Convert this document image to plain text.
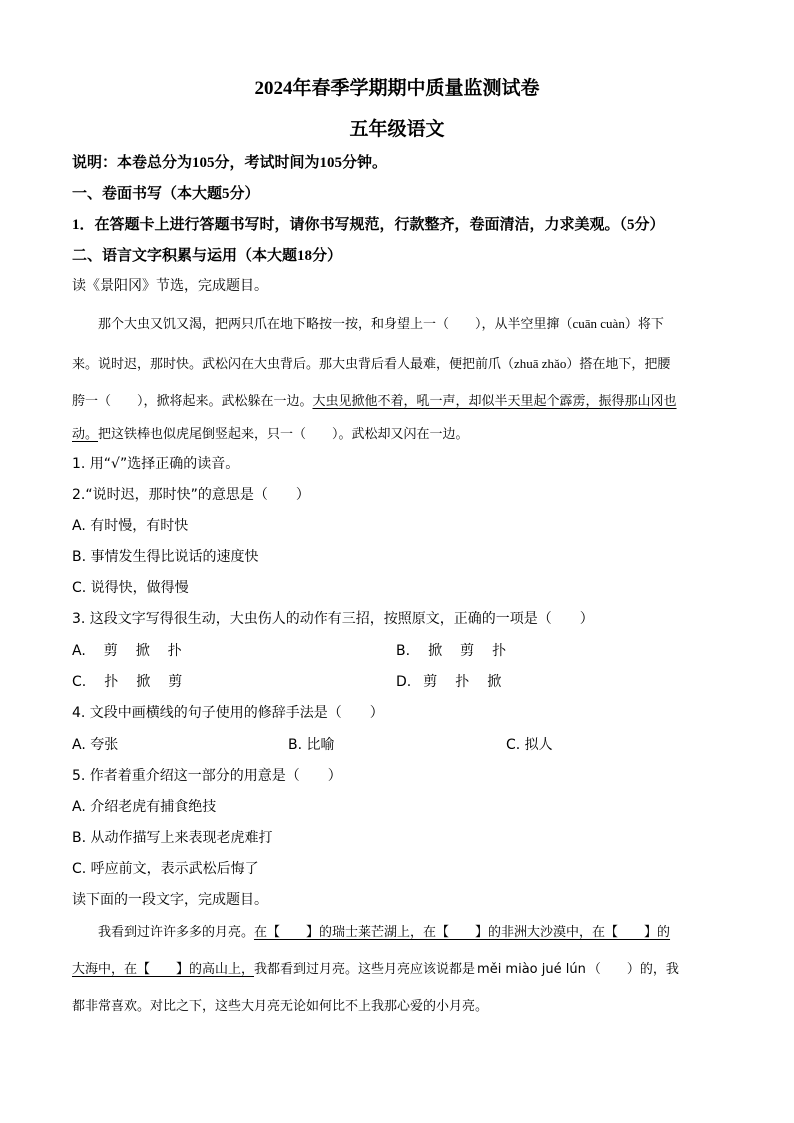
2024年春季学期期中质量监测试卷
五年级语文
说明：本卷总分为105分，考试时间为105分钟。
一、卷面书写（本大题5分）
1．在答题卡上进行答题书写时，请你书写规范，行款整齐，卷面清洁，力求美观。（5分）
二、语言文字积累与运用（本大题18分）
读《景阳冈》节选，完成题目。
那个大虫又饥又渴，把两只爪在地下略按一按，和身望上一（　　），从半空里撺（cuān cuàn）将下
来。说时迟，那时快。武松闪在大虫背后。那大虫背后看人最难，便把前爪（zhuā zhǎo）搭在地下，把腰
胯一（　　），掀将起来。武松躲在一边。大虫见掀他不着，吼一声，却似半天里起个霹雳，振得那山冈也
动。把这铁棒也似虎尾倒竖起来，只一（　　）。武松却又闪在一边。
1. 用“√”选择正确的读音。
2.“说时迟，那时快”的意思是（　　）
A. 有时慢，有时快
B. 事情发生得比说话的速度快
C. 说得快，做得慢
3. 这段文字写得很生动，大虫伤人的动作有三招，按照原文，正确的一项是（　　）
A. 剪 掀 扑	B. 掀 剪 扑
C. 扑 掀 剪	D. 剪 扑 掀
4. 文段中画横线的句子使用的修辞手法是（　　）
A. 夸张	B. 比喻	C. 拟人
5. 作者着重介绍这一部分的用意是（　　）
A. 介绍老虎有捕食绝技
B. 从动作描写上来表现老虎难打
C. 呼应前文，表示武松后悔了
读下面的一段文字，完成题目。
我看到过许许多多的月亮。在【　　】的瑞士莱芒湖上，在【　　】的非洲大沙漠中，在【　　】的
大海中，在【　　】的高山上，我都看到过月亮。这些月亮应该说都是 měi miào jué lún （　　）的，我
都非常喜欢。对比之下，这些大月亮无论如何比不上我那心爱的小月亮。
